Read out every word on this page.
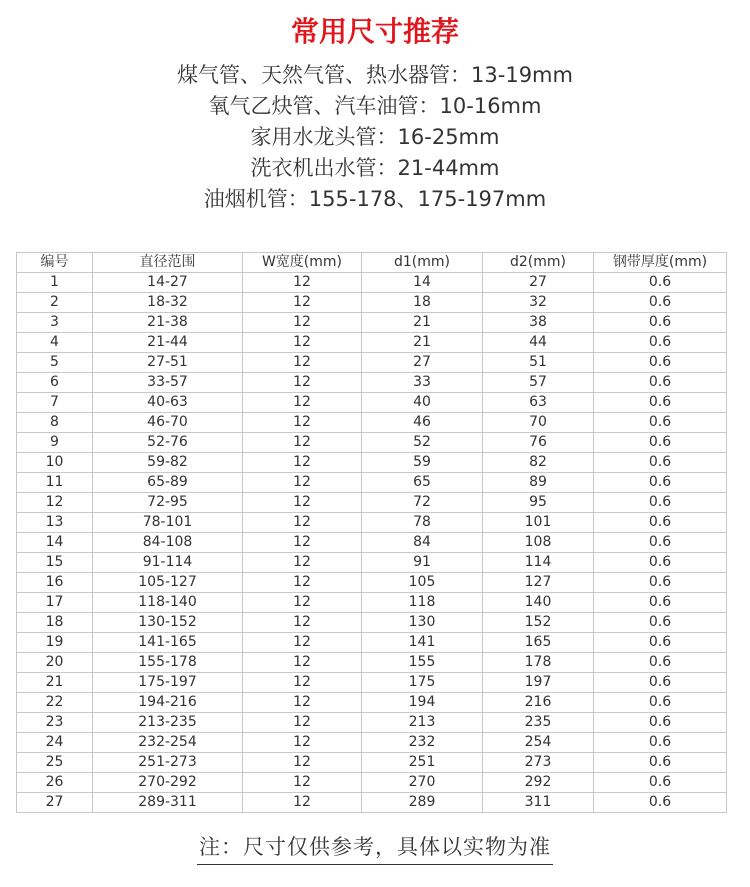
常用尺寸推荐
煤气管、天然气管、热水器管：13-19mm
氧气乙炔管、汽车油管：10-16mm
家用水龙头管：16-25mm
洗衣机出水管：21-44mm
油烟机管：155-178、175-197mm
编号	直径范围	W宽度(mm)	d1(mm)	d2(mm)	钢带厚度(mm)
1	14-27	12	14	27	0.6
2	18-32	12	18	32	0.6
3	21-38	12	21	38	0.6
4	21-44	12	21	44	0.6
5	27-51	12	27	51	0.6
6	33-57	12	33	57	0.6
7	40-63	12	40	63	0.6
8	46-70	12	46	70	0.6
9	52-76	12	52	76	0.6
10	59-82	12	59	82	0.6
11	65-89	12	65	89	0.6
12	72-95	12	72	95	0.6
13	78-101	12	78	101	0.6
14	84-108	12	84	108	0.6
15	91-114	12	91	114	0.6
16	105-127	12	105	127	0.6
17	118-140	12	118	140	0.6
18	130-152	12	130	152	0.6
19	141-165	12	141	165	0.6
20	155-178	12	155	178	0.6
21	175-197	12	175	197	0.6
22	194-216	12	194	216	0.6
23	213-235	12	213	235	0.6
24	232-254	12	232	254	0.6
25	251-273	12	251	273	0.6
26	270-292	12	270	292	0.6
27	289-311	12	289	311	0.6
注：尺寸仅供参考，具体以实物为准
